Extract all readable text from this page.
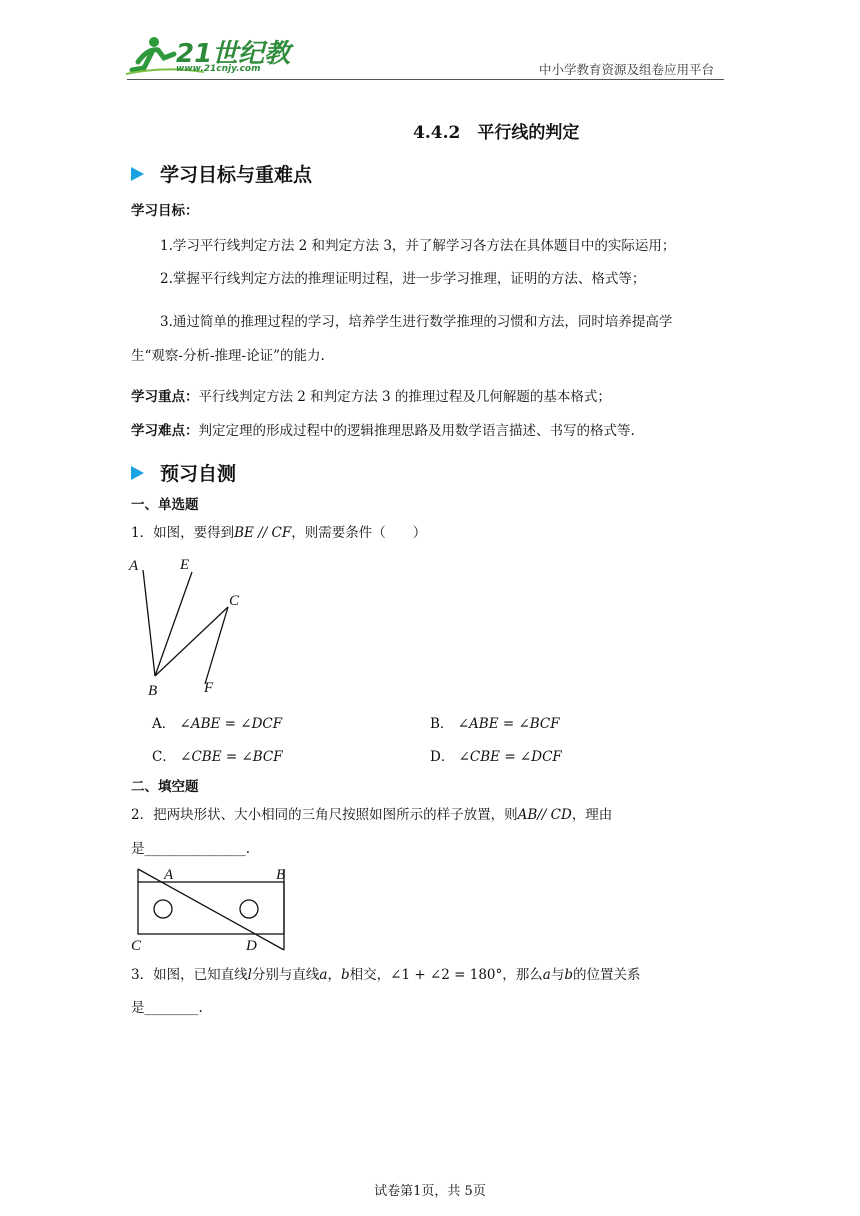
21世纪教
www.21cnjy.com	中小学教育资源及组卷应用平台
4.4.2　平行线的判定
学习目标与重难点
学习目标：
1.学习平行线判定方法 2 和判定方法 3，并了解学习各方法在具体题目中的实际运用；
2.掌握平行线判定方法的推理证明过程，进一步学习推理，证明的方法、格式等；
3.通过简单的推理过程的学习，培养学生进行数学推理的习惯和方法，同时培养提高学
生“观察-分析-推理-论证”的能力.
学习重点：平行线判定方法 2 和判定方法 3 的推理过程及几何解题的基本格式；
学习难点：判定定理的形成过程中的逻辑推理思路及用数学语言描述、书写的格式等.
预习自测
一、单选题
1．如图，要得到BE // CF，则需要条件（　　）
A	E
C
B	F
A． ∠ABE = ∠DCF	B． ∠ABE = ∠BCF
C． ∠CBE = ∠BCF	D． ∠CBE = ∠DCF
二、填空题
2．把两块形状、大小相同的三角尺按照如图所示的样子放置，则AB// CD，理由
是_______________.
A	B
C	D
3．如图，已知直线l分别与直线a，b相交，∠1 + ∠2 = 180°，那么a与b的位置关系
是________.
试卷第1页，共 5页
